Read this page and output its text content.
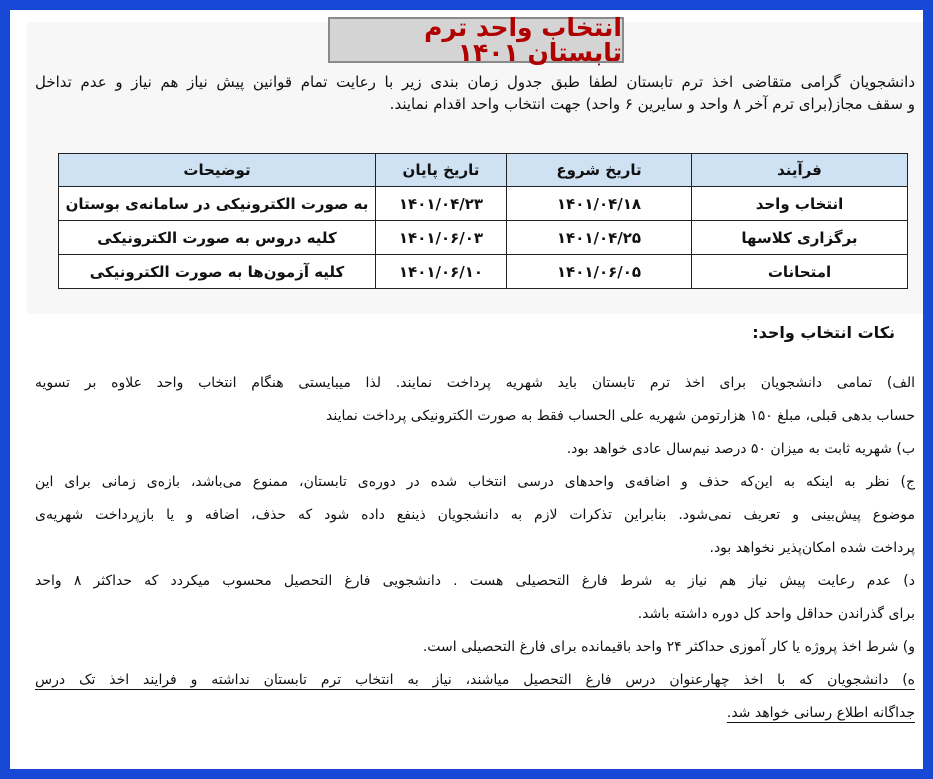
انتخاب واحد ترم تابستان ۱۴۰۱
دانشجویان گرامی متقاضی اخذ ترم تابستان لطفا طبق جدول زمان بندی زیر با رعایت تمام قوانین پیش نیاز هم نیاز و عدم تداخل
و سقف مجاز(برای ترم آخر ۸ واحد و سایرین ۶ واحد) جهت انتخاب واحد اقدام نمایند.
فرآیند	تاریخ شروع	تاریخ پایان	توضیحات
انتخاب واحد	۱۴۰۱/۰۴/۱۸	۱۴۰۱/۰۴/۲۳	به صورت الکترونیکی در سامانه‌ی بوستان
برگزاری کلاسها	۱۴۰۱/۰۴/۲۵	۱۴۰۱/۰۶/۰۳	کلیه دروس به صورت الکترونیکی
امتحانات	۱۴۰۱/۰۶/۰۵	۱۴۰۱/۰۶/۱۰	کلیه آزمون‌ها به صورت الکترونیکی
نکات انتخاب واحد:
الف) تمامی دانشجویان برای اخذ ترم تابستان باید شهریه پرداخت نمایند. لذا میبایستی هنگام انتخاب واحد علاوه بر تسویه
حساب بدهی قبلی، مبلغ ۱۵۰ هزارتومن شهریه علی الحساب فقط به صورت الکترونیکی پرداخت نمایند
ب) شهریه ثابت به میزان ۵۰ درصد نیم‌سال عادی خواهد بود.
ج) نظر به اینکه به این‌که حذف و اضافه‌ی واحدهای درسی انتخاب شده در دوره‌ی تابستان، ممنوع می‌باشد، بازه‌ی زمانی برای این
موضوع پیش‌بینی و تعریف نمی‌شود. بنابراین تذکرات لازم به دانشجویان ذینفع داده شود که حذف، اضافه و یا بازپرداخت شهریه‌ی
پرداخت شده امکان‌پذیر نخواهد بود.
د) عدم رعایت پیش نیاز هم نیاز به شرط فارغ التحصیلی هست . دانشجویی فارغ التحصیل محسوب میکردد که حداکثر ۸ واحد
برای گذراندن حداقل واحد کل دوره داشته باشد.
و) شرط اخذ پروژه یا کار آموزی حداکثر ۲۴ واحد باقیمانده برای فارغ التحصیلی است.
ه) دانشجویان که با اخذ چهارعنوان درس فارغ التحصیل میاشند، نیاز به انتخاب ترم تابستان نداشته و فرایند اخذ تک درس
جداگانه اطلاع رسانی خواهد شد.
